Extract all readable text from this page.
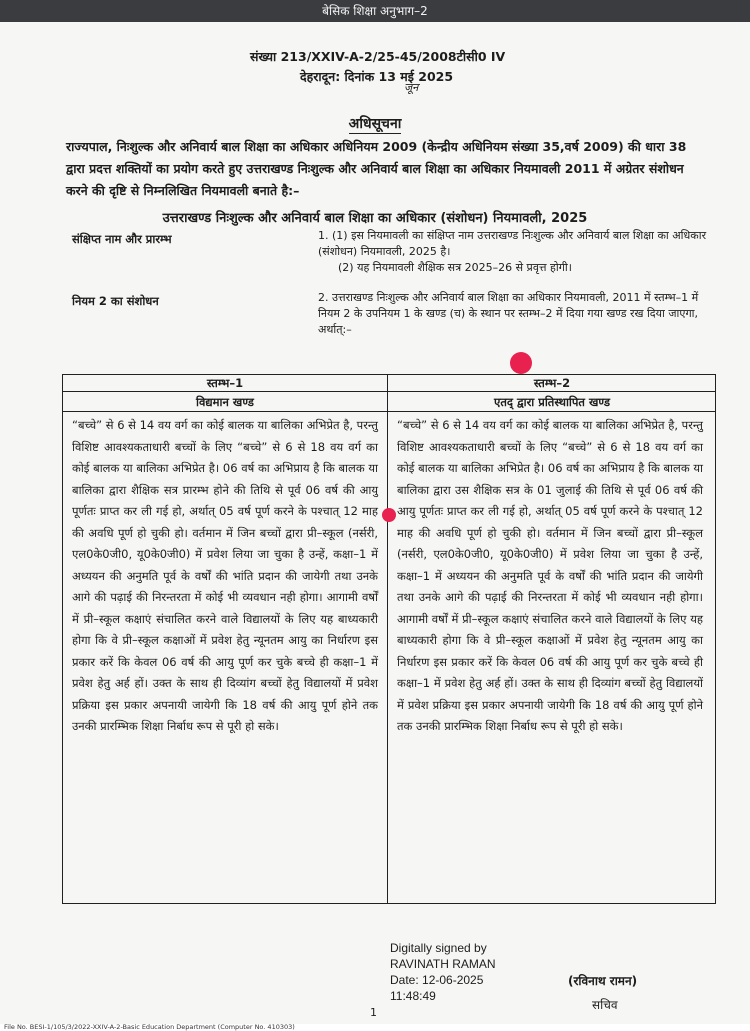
बेसिक शिक्षा अनुभाग–2
संख्या 213/XXIV-A-2/25-45/2008टीसी0 IV
देहरादून: दिनांक 13 मई 2025
जून
अधिसूचना
राज्यपाल, निःशुल्क और अनिवार्य बाल शिक्षा का अधिकार अधिनियम 2009 (केन्द्रीय अधिनियम संख्या 35,वर्ष 2009) की धारा 38 द्वारा प्रदत्त शक्तियों का प्रयोग करते हुए उत्तराखण्ड निःशुल्क और अनिवार्य बाल शिक्षा का अधिकार नियमावली 2011 में अग्रेतर संशोधन करने की दृष्टि से निम्नलिखित नियमावली बनाते है:–
उत्तराखण्ड निःशुल्क और अनिवार्य बाल शिक्षा का अधिकार (संशोधन) नियमावली, 2025
संक्षिप्त नाम और प्रारम्भ	1. (1) इस नियमावली का संक्षिप्त नाम उत्तराखण्ड निःशुल्क और अनिवार्य बाल शिक्षा का अधिकार (संशोधन) नियमावली, 2025 है।
(2) यह नियमावली शैक्षिक सत्र 2025–26 से प्रवृत्त होगी।
नियम 2 का संशोधन	2. उत्तराखण्ड निःशुल्क और अनिवार्य बाल शिक्षा का अधिकार नियमावली, 2011 में स्तम्भ–1 में नियम 2 के उपनियम 1 के खण्ड (च) के स्थान पर स्तम्भ–2 में दिया गया खण्ड रख दिया जाएगा, अर्थात्:–
स्तम्भ–1
विद्यमान खण्ड
स्तम्भ–2
एतद् द्वारा प्रतिस्थापित खण्ड
“बच्चे” से 6 से 14 वय वर्ग का कोई बालक या बालिका अभिप्रेत है, परन्तु विशिष्ट आवश्यकताधारी बच्चों के लिए “बच्चे” से 6 से 18 वय वर्ग का कोई बालक या बालिका अभिप्रेत है। 06 वर्ष का अभिप्राय है कि बालक या बालिका द्वारा शैक्षिक सत्र प्रारम्भ होने की तिथि से पूर्व 06 वर्ष की आयु पूर्णतः प्राप्त कर ली गई हो, अर्थात् 05 वर्ष पूर्ण करने के पश्चात् 12 माह की अवधि पूर्ण हो चुकी हो। वर्तमान में जिन बच्चों द्वारा प्री–स्कूल (नर्सरी, एल0के0जी0, यू0के0जी0) में प्रवेश लिया जा चुका है उन्हें, कक्षा–1 में अध्ययन की अनुमति पूर्व के वर्षों की भांति प्रदान की जायेगी तथा उनके आगे की पढ़ाई की निरन्तरता में कोई भी व्यवधान नही होगा। आगामी वर्षों में प्री–स्कूल कक्षाएं संचालित करने वाले विद्यालयों के लिए यह बाध्यकारी होगा कि वे प्री–स्कूल कक्षाओं में प्रवेश हेतु न्यूनतम आयु का निर्धारण इस प्रकार करें कि केवल 06 वर्ष की आयु पूर्ण कर चुके बच्चे ही कक्षा–1 में प्रवेश हेतु अर्ह हों। उक्त के साथ ही दिव्यांग बच्चों हेतु विद्यालयों में प्रवेश प्रक्रिया इस प्रकार अपनायी जायेगी कि 18 वर्ष की आयु पूर्ण होने तक उनकी प्रारम्भिक शिक्षा निर्बाध रूप से पूरी हो सके।
“बच्चे” से 6 से 14 वय वर्ग का कोई बालक या बालिका अभिप्रेत है, परन्तु विशिष्ट आवश्यकताधारी बच्चों के लिए “बच्चे” से 6 से 18 वय वर्ग का कोई बालक या बालिका अभिप्रेत है। 06 वर्ष का अभिप्राय है कि बालक या बालिका द्वारा उस शैक्षिक सत्र के 01 जुलाई की तिथि से पूर्व 06 वर्ष की आयु पूर्णतः प्राप्त कर ली गई हो, अर्थात् 05 वर्ष पूर्ण करने के पश्चात् 12 माह की अवधि पूर्ण हो चुकी हो। वर्तमान में जिन बच्चों द्वारा प्री–स्कूल (नर्सरी, एल0के0जी0, यू0के0जी0) में प्रवेश लिया जा चुका है उन्हें, कक्षा–1 में अध्ययन की अनुमति पूर्व के वर्षों की भांति प्रदान की जायेगी तथा उनके आगे की पढ़ाई की निरन्तरता में कोई भी व्यवधान नही होगा। आगामी वर्षों में प्री–स्कूल कक्षाएं संचालित करने वाले विद्यालयों के लिए यह बाध्यकारी होगा कि वे प्री–स्कूल कक्षाओं में प्रवेश हेतु न्यूनतम आयु का निर्धारण इस प्रकार करें कि केवल 06 वर्ष की आयु पूर्ण कर चुके बच्चे ही कक्षा–1 में प्रवेश हेतु अर्ह हों। उक्त के साथ ही दिव्यांग बच्चों हेतु विद्यालयों में प्रवेश प्रक्रिया इस प्रकार अपनायी जायेगी कि 18 वर्ष की आयु पूर्ण होने तक उनकी प्रारम्भिक शिक्षा निर्बाध रूप से पूरी हो सके।
Digitally signed by
RAVINATH RAMAN
Date: 12-06-2025
11:48:49
(रविनाथ रामन)
सचिव
1
File No. BESI-1/105/3/2022-XXIV-A-2-Basic Education Department (Computer No. 410303)
